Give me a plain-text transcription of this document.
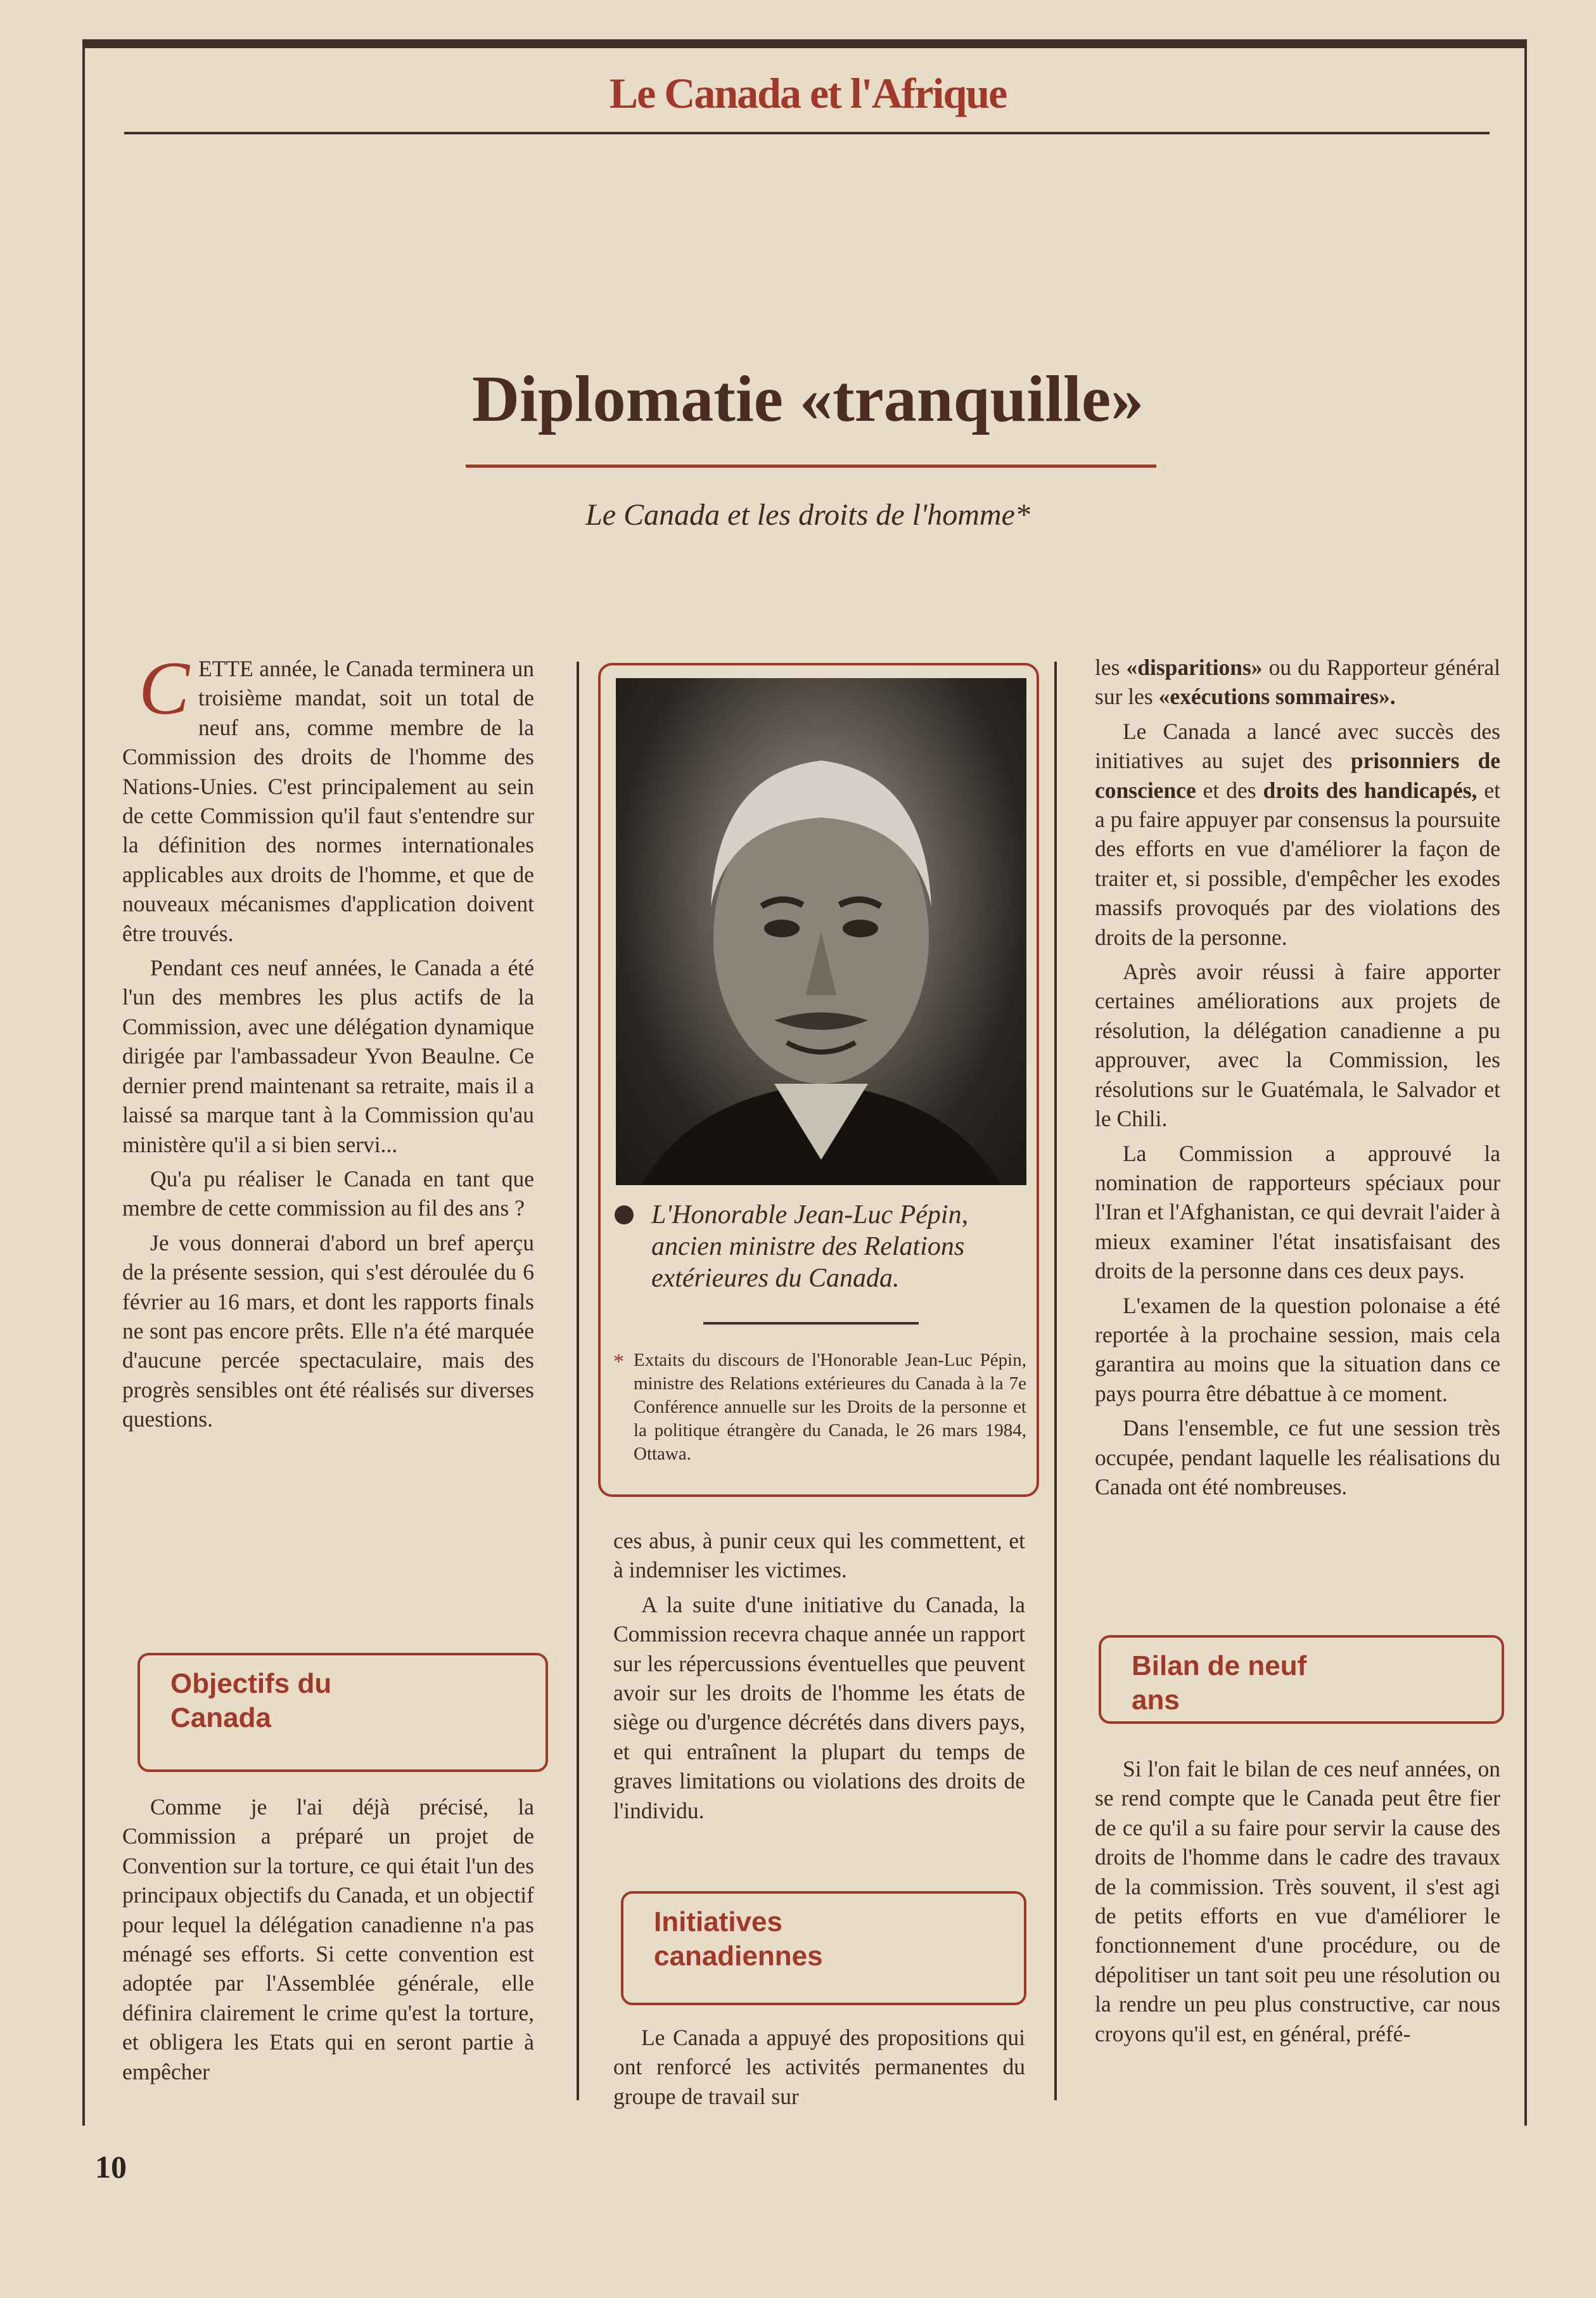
Le Canada et l'Afrique
Diplomatie «tranquille»
Le Canada et les droits de l'homme*

CETTE année, le Canada terminera un troisième mandat, soit un total de neuf ans, comme membre de la Commission des droits de l'homme des Nations-Unies. C'est principalement au sein de cette Commission qu'il faut s'entendre sur la définition des normes internationales applicables aux droits de l'homme, et que de nouveaux mécanismes d'application doivent être trouvés.

Pendant ces neuf années, le Canada a été l'un des membres les plus actifs de la Commission, avec une délégation dynamique dirigée par l'ambassadeur Yvon Beaulne. Ce dernier prend maintenant sa retraite, mais il a laissé sa marque tant à la Commission qu'au ministère qu'il a si bien servi...

Qu'a pu réaliser le Canada en tant que membre de cette commission au fil des ans ?

Je vous donnerai d'abord un bref aperçu de la présente session, qui s'est déroulée du 6 février au 16 mars, et dont les rapports finals ne sont pas encore prêts. Elle n'a été marquée d'aucune percée spectaculaire, mais des progrès sensibles ont été réalisés sur diverses questions.

Objectifs du Canada

Comme je l'ai déjà précisé, la Commission a préparé un projet de Convention sur la torture, ce qui était l'un des principaux objectifs du Canada, et un objectif pour lequel la délégation canadienne n'a pas ménagé ses efforts. Si cette convention est adoptée par l'Assemblée générale, elle définira clairement le crime qu'est la torture, et obligera les Etats qui en seront partie à empêcher

L'Honorable Jean-Luc Pépin, ancien ministre des Relations extérieures du Canada.
* Extaits du discours de l'Honorable Jean-Luc Pépin, ministre des Relations extérieures du Canada à la 7e Conférence annuelle sur les Droits de la personne et la politique étrangère du Canada, le 26 mars 1984, Ottawa.

ces abus, à punir ceux qui les commettent, et à indemniser les victimes.

A la suite d'une initiative du Canada, la Commission recevra chaque année un rapport sur les répercussions éventuelles que peuvent avoir sur les droits de l'homme les états de siège ou d'urgence décrétés dans divers pays, et qui entraînent la plupart du temps de graves limitations ou violations des droits de l'individu.

Initiatives canadiennes

Le Canada a appuyé des propositions qui ont renforcé les activités permanentes du groupe de travail sur

les «disparitions» ou du Rapporteur général sur les «exécutions sommaires».

Le Canada a lancé avec succès des initiatives au sujet des prisonniers de conscience et des droits des handicapés, et a pu faire appuyer par consensus la poursuite des efforts en vue d'améliorer la façon de traiter et, si possible, d'empêcher les exodes massifs provoqués par des violations des droits de la personne.

Après avoir réussi à faire apporter certaines améliorations aux projets de résolution, la délégation canadienne a pu approuver, avec la Commission, les résolutions sur le Guatémala, le Salvador et le Chili.

La Commission a approuvé la nomination de rapporteurs spéciaux pour l'Iran et l'Afghanistan, ce qui devrait l'aider à mieux examiner l'état insatisfaisant des droits de la personne dans ces deux pays.

L'examen de la question polonaise a été reportée à la prochaine session, mais cela garantira au moins que la situation dans ce pays pourra être débattue à ce moment.

Dans l'ensemble, ce fut une session très occupée, pendant laquelle les réalisations du Canada ont été nombreuses.

Bilan de neuf ans

Si l'on fait le bilan de ces neuf années, on se rend compte que le Canada peut être fier de ce qu'il a su faire pour servir la cause des droits de l'homme dans le cadre des travaux de la commission. Très souvent, il s'est agi de petits efforts en vue d'améliorer le fonctionnement d'une procédure, ou de dépolitiser un tant soit peu une résolution ou la rendre un peu plus constructive, car nous croyons qu'il est, en général, préfé-

10
